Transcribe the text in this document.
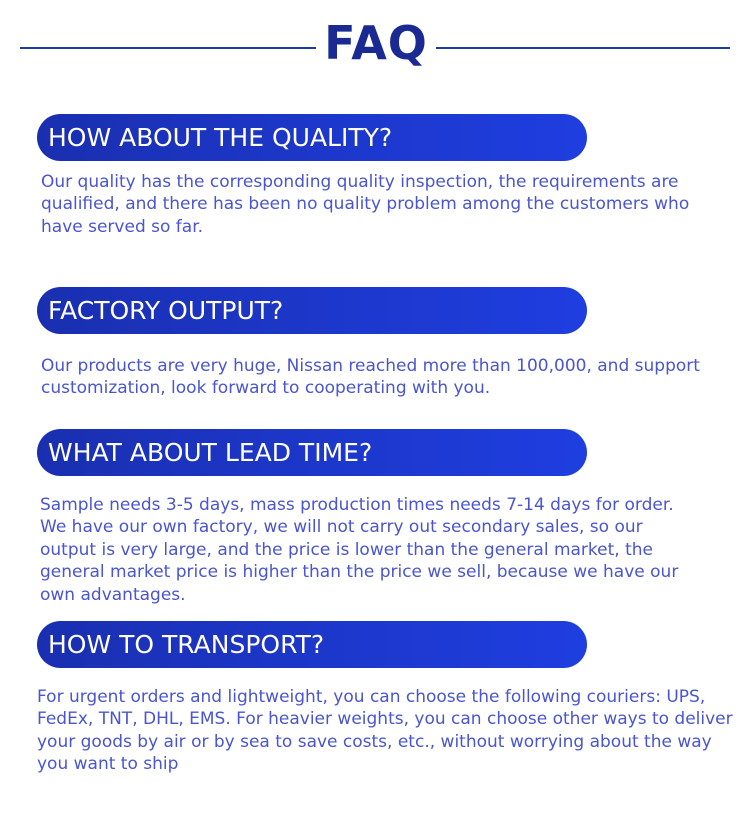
FAQ
HOW ABOUT THE QUALITY?

Our quality has the corresponding quality inspection, the requirements are qualified, and there has been no quality problem among the customers who have served so far.

FACTORY OUTPUT?

Our products are very huge, Nissan reached more than 100,000, and support customization, look forward to cooperating with you.

WHAT ABOUT LEAD TIME?

Sample needs 3-5 days, mass production times needs 7-14 days for order. We have our own factory, we will not carry out secondary sales, so our output is very large, and the price is lower than the general market, the general market price is higher than the price we sell, because we have our own advantages.

HOW TO TRANSPORT?

For urgent orders and lightweight, you can choose the following couriers: UPS, FedEx, TNT, DHL, EMS. For heavier weights, you can choose other ways to deliver your goods by air or by sea to save costs, etc., without worrying about the way you want to ship
